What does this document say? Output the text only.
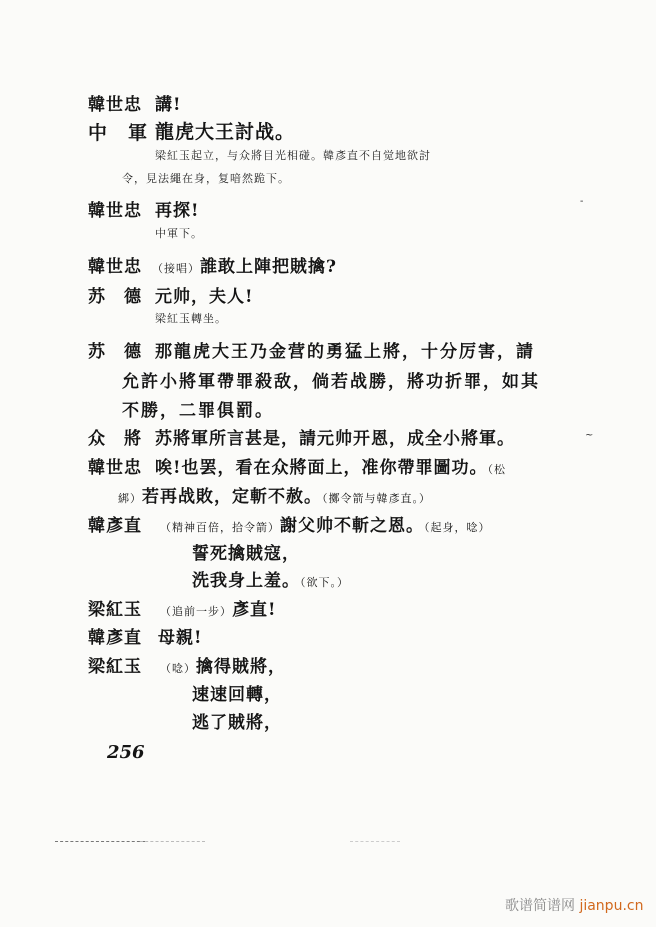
韓世忠 講!
中　軍 龍虎大王討战。
梁紅玉起立，与众將目光相碰。韓彥直不自觉地欲討
令，見法繩在身，复喑然跪下。
韓世忠 再探!
中軍下。
韓世忠 （接唱）誰敢上陣把賊擒?
苏　德 元帅，夫人!
梁紅玉轉坐。
苏　德 那龍虎大王乃金营的勇猛上將，十分厉害，請
允許小將軍帶罪殺敌，倘若战勝，將功折罪，如其
不勝，二罪俱罰。
众　將 苏將軍所言甚是，請元帅开恩，成全小將軍。
韓世忠 唉!也罢，看在众將面上，准你帶罪圖功。（松
綁）若再战敗，定斬不赦。（擲令箭与韓彥直。）
韓彥直 （精神百倍，拾令箭）謝父帅不斬之恩。（起身，唸）
誓死擒賊寇，
洗我身上羞。（欲下。）
梁紅玉 （追前一步）彥直!
韓彥直 母親!
梁紅玉 （唸）擒得賊將，
速速回轉，
逃了賊將，
256
-
~
歌谱简谱网 jianpu.cn
